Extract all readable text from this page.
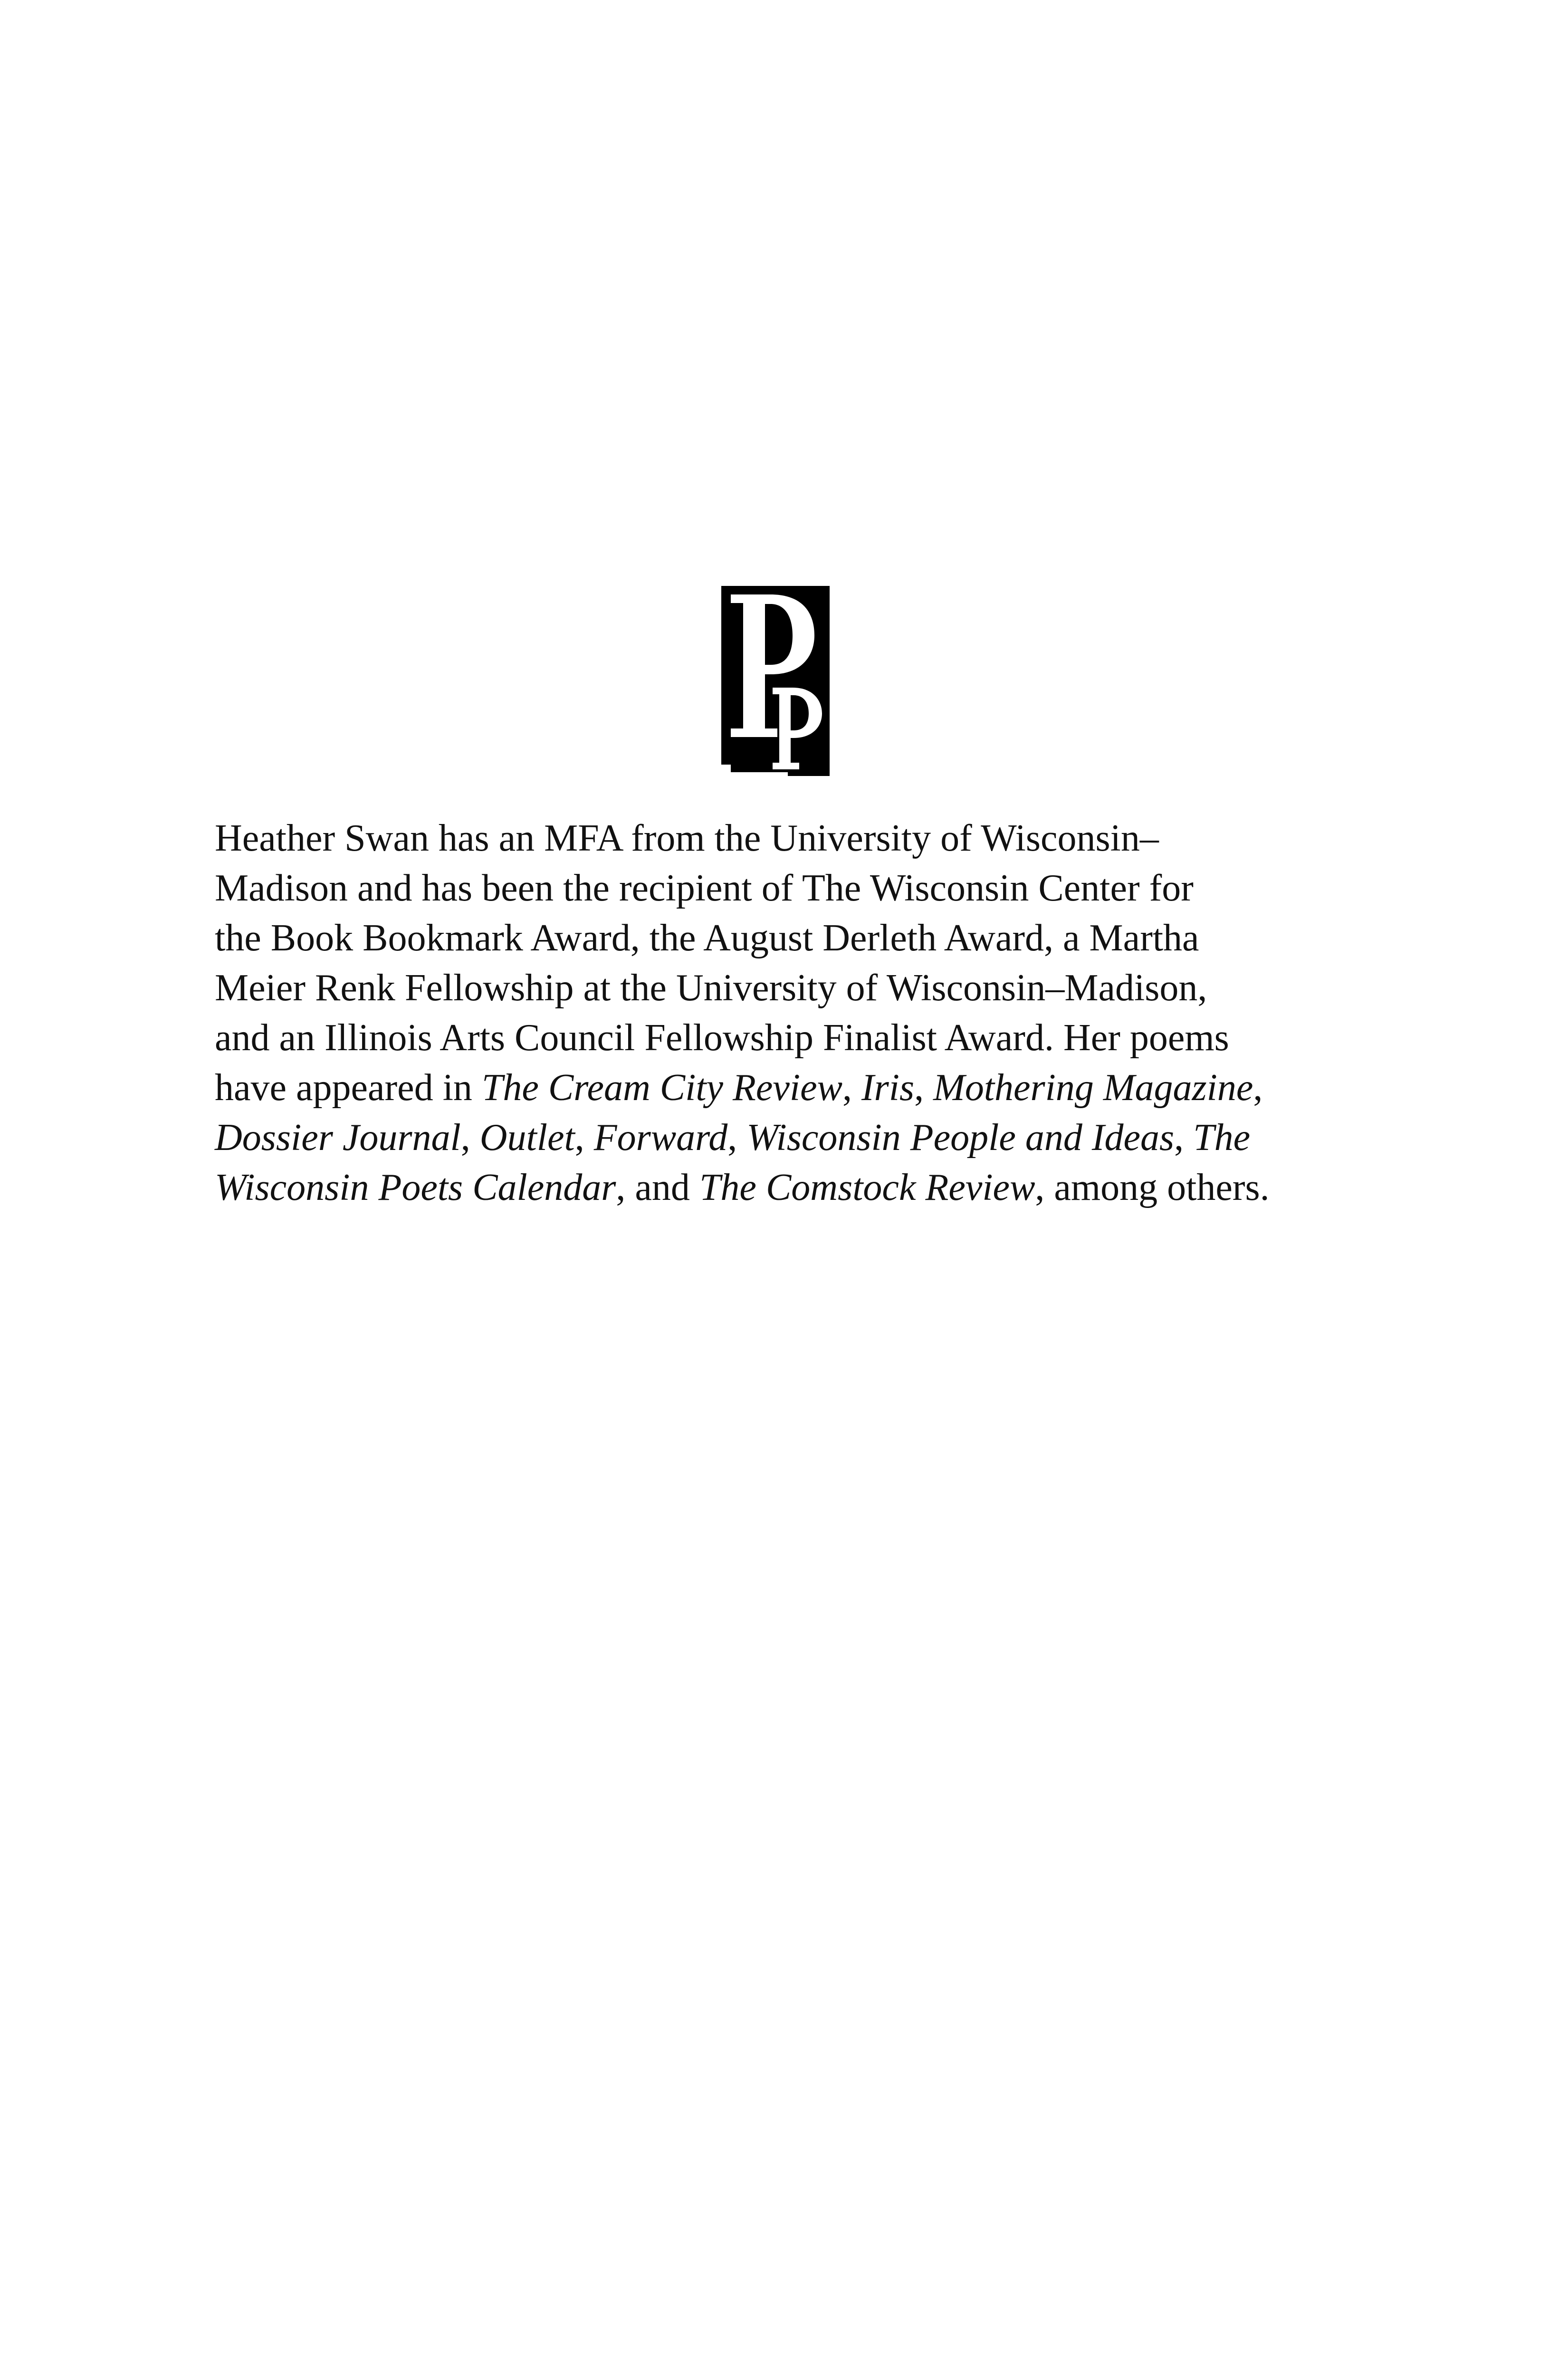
Heather Swan has an MFA from the University of Wisconsin–
Madison and has been the recipient of The Wisconsin Center for
the Book Bookmark Award, the August Derleth Award, a Martha
Meier Renk Fellowship at the University of Wisconsin–Madison,
and an Illinois Arts Council Fellowship Finalist Award. Her poems
have appeared in The Cream City Review, Iris, Mothering Magazine,
Dossier Journal, Outlet, Forward, Wisconsin People and Ideas, The
Wisconsin Poets Calendar, and The Comstock Review, among others.
